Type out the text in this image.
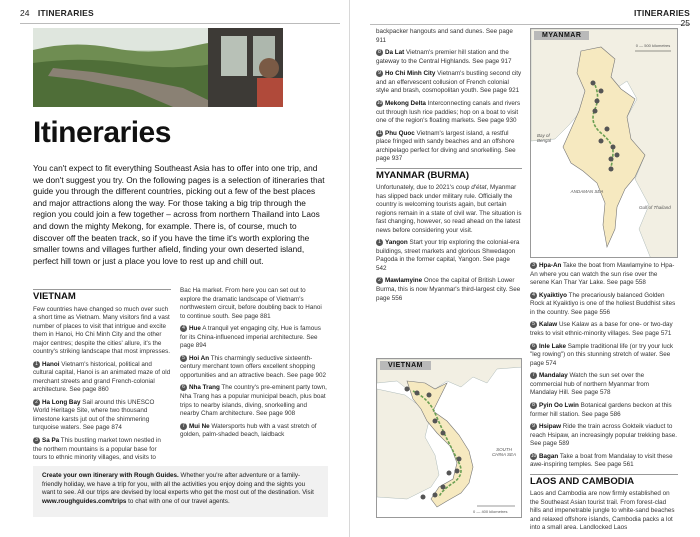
24 ITINERARIES
Itineraries
You can't expect to fit everything Southeast Asia has to offer into one trip, and we don't suggest you try. On the following pages is a selection of itineraries that guide you through the different countries, picking out a few of the best places and major attractions along the way. For those taking a big trip through the region you could join a few together – across from northern Thailand into Laos and down the mighty Mekong, for example. There is, of course, much to discover off the beaten track, so if you have the time it's worth exploring the smaller towns and villages further afield, finding your own deserted island, perfect hill town or just a place you love to rest up and chill out.
VIETNAM

Few countries have changed so much over such a short time as Vietnam. Many visitors find a vast number of places to visit that intrigue and excite them in Hanoi, Ho Chi Minh City and the other major centres; despite the cities' allure, it's the country's striking landscape that most impresses.

1 Hanoi Vietnam's historical, political and cultural capital, Hanoi is an animated maze of old merchant streets and grand French-colonial architecture. See page 860

2 Ha Long Bay Sail around this UNESCO World Heritage Site, where two thousand limestone karsts jut out of the shimmering turquoise waters. See page 874

3 Sa Pa This bustling market town nestled in the northern mountains is a popular base for tours to ethnic minority villages, and visits to

Bac Ha market. From here you can set out to explore the dramatic landscape of Vietnam's northwestern circuit, before doubling back to Hanoi to continue south. See page 881

4 Hue A tranquil yet engaging city, Hue is famous for its China-influenced imperial architecture. See page 894

5 Hoi An This charmingly seductive sixteenth-century merchant town offers excellent shopping opportunities and an attractive beach. See page 902

6 Nha Trang The country's pre-eminent party town, Nha Trang has a popular municipal beach, plus boat trips to nearby islands, diving, snorkelling and nearby Cham architecture. See page 908

7 Mui Ne Watersports hub with a vast stretch of golden, palm-shaded beach, laidback

Create your own itinerary with Rough Guides. Whether you're after adventure or a family-friendly holiday, we have a trip for you, with all the activities you enjoy doing and the sights you want to see. All our trips are devised by local experts who get the most out of the destination. Visit www.roughguides.com/trips to chat with one of our travel agents.
ITINERARIES 25

backpacker hangouts and sand dunes. See page 911

8 Da Lat Vietnam's premier hill station and the gateway to the Central Highlands. See page 917

9 Ho Chi Minh City Vietnam's bustling second city and an effervescent collusion of French colonial style and brash, cosmopolitan youth. See page 921

10 Mekong Delta Interconnecting canals and rivers cut through lush rice paddies; hop on a boat to visit one of the region's floating markets. See page 930

11 Phu Quoc Vietnam's largest island, a restful place fringed with sandy beaches and an offshore archipelago perfect for diving and snorkelling. See page 937

MYANMAR (BURMA)

Unfortunately, due to 2021's coup d'état, Myanmar has slipped back under military rule. Officially the country is welcoming tourists again, but certain regions remain in a state of civil war. The situation is fast changing, however, so read ahead on the latest news before considering your visit.

1 Yangon Start your trip exploring the colonial-era buildings, street markets and glorious Shwedagon Pagoda in the former capital, Yangon. See page 542

2 Mawlamyine Once the capital of British Lower Burma, this is now Myanmar's third-largest city. See page 556

VIETNAM
SOUTH CHINA SEA
0 — 400 kilometres
MYANMAR
0 — 500 kilometres
Bay of Bengal
ANDAMAN SEA
Gulf of Thailand

3 Hpa-An Take the boat from Mawlamyine to Hpa-An where you can watch the sun rise over the serene Kan Thar Yar Lake. See page 558

4 Kyaiktiyo The precariously balanced Golden Rock at Kyaiktiyo is one of the holiest Buddhist sites in the country. See page 556

5 Kalaw Use Kalaw as a base for one- or two-day treks to visit ethnic-minority villages. See page 571

6 Inle Lake Sample traditional life (or try your luck "leg rowing") on this stunning stretch of water. See page 574

7 Mandalay Watch the sun set over the commercial hub of northern Myanmar from Mandalay Hill. See page 578

8 Pyin Oo Lwin Botanical gardens beckon at this former hill station. See page 586

9 Hsipaw Ride the train across Gokteik viaduct to reach Hsipaw, an increasingly popular trekking base. See page 589

10 Bagan Take a boat from Mandalay to visit these awe-inspiring temples. See page 561

LAOS AND CAMBODIA

Laos and Cambodia are now firmly established on the Southeast Asian tourist trail. From forest-clad hills and impenetrable jungle to white-sand beaches and relaxed offshore islands, Cambodia packs a lot into a small area. Landlocked Laos
